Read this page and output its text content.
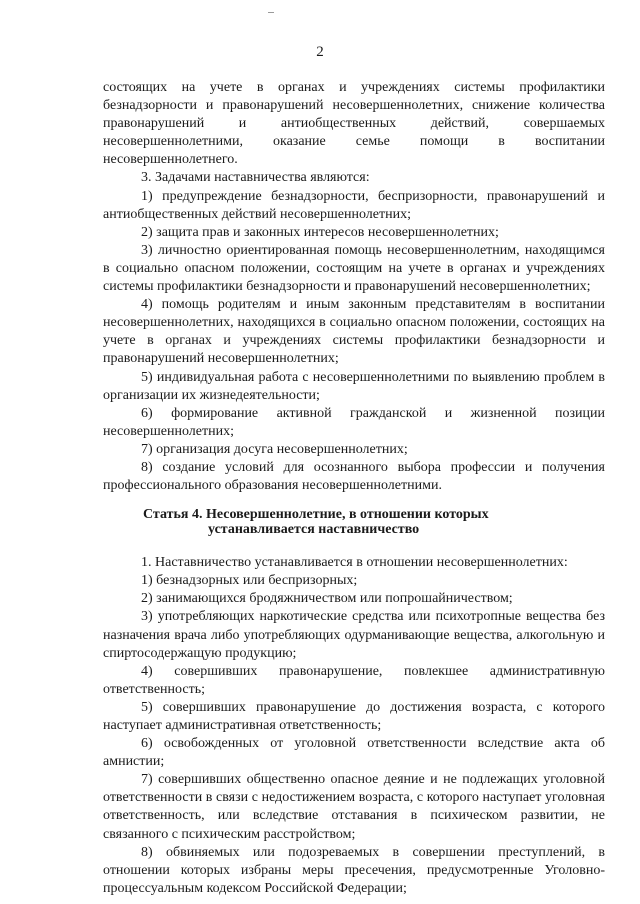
2

состоящих на учете в органах и учреждениях системы профилактики безнадзорности и правонарушений несовершеннолетних, снижение количества правонарушений и антиобщественных действий, совершаемых несовершеннолетними, оказание семье помощи в воспитании несовершеннолетнего.

3. Задачами наставничества являются:

1) предупреждение безнадзорности, беспризорности, правонарушений и антиобщественных действий несовершеннолетних;

2) защита прав и законных интересов несовершеннолетних;

3) личностно ориентированная помощь несовершеннолетним, находящимся в социально опасном положении, состоящим на учете в органах и учреждениях системы профилактики безнадзорности и правонарушений несовершеннолетних;

4) помощь родителям и иным законным представителям в воспитании несовершеннолетних, находящихся в социально опасном положении, состоящих на учете в органах и учреждениях системы профилактики безнадзорности и правонарушений несовершеннолетних;

5) индивидуальная работа с несовершеннолетними по выявлению проблем в организации их жизнедеятельности;

6) формирование активной гражданской и жизненной позиции несовершеннолетних;

7) организация досуга несовершеннолетних;

8) создание условий для осознанного выбора профессии и получения профессионального образования несовершеннолетними.

Статья 4. Несовершеннолетние, в отношении которых
устанавливается наставничество

1. Наставничество устанавливается в отношении несовершеннолетних:

1) безнадзорных или беспризорных;

2) занимающихся бродяжничеством или попрошайничеством;

3) употребляющих наркотические средства или психотропные вещества без назначения врача либо употребляющих одурманивающие вещества, алкогольную и спиртосодержащую продукцию;

4) совершивших правонарушение, повлекшее административную ответственность;

5) совершивших правонарушение до достижения возраста, с которого наступает административная ответственность;

6) освобожденных от уголовной ответственности вследствие акта об амнистии;

7) совершивших общественно опасное деяние и не подлежащих уголовной ответственности в связи с недостижением возраста, с которого наступает уголовная ответственность, или вследствие отставания в психическом развитии, не связанного с психическим расстройством;

8) обвиняемых или подозреваемых в совершении преступлений, в отношении которых избраны меры пресечения, предусмотренные Уголовно-процессуальным кодексом Российской Федерации;
